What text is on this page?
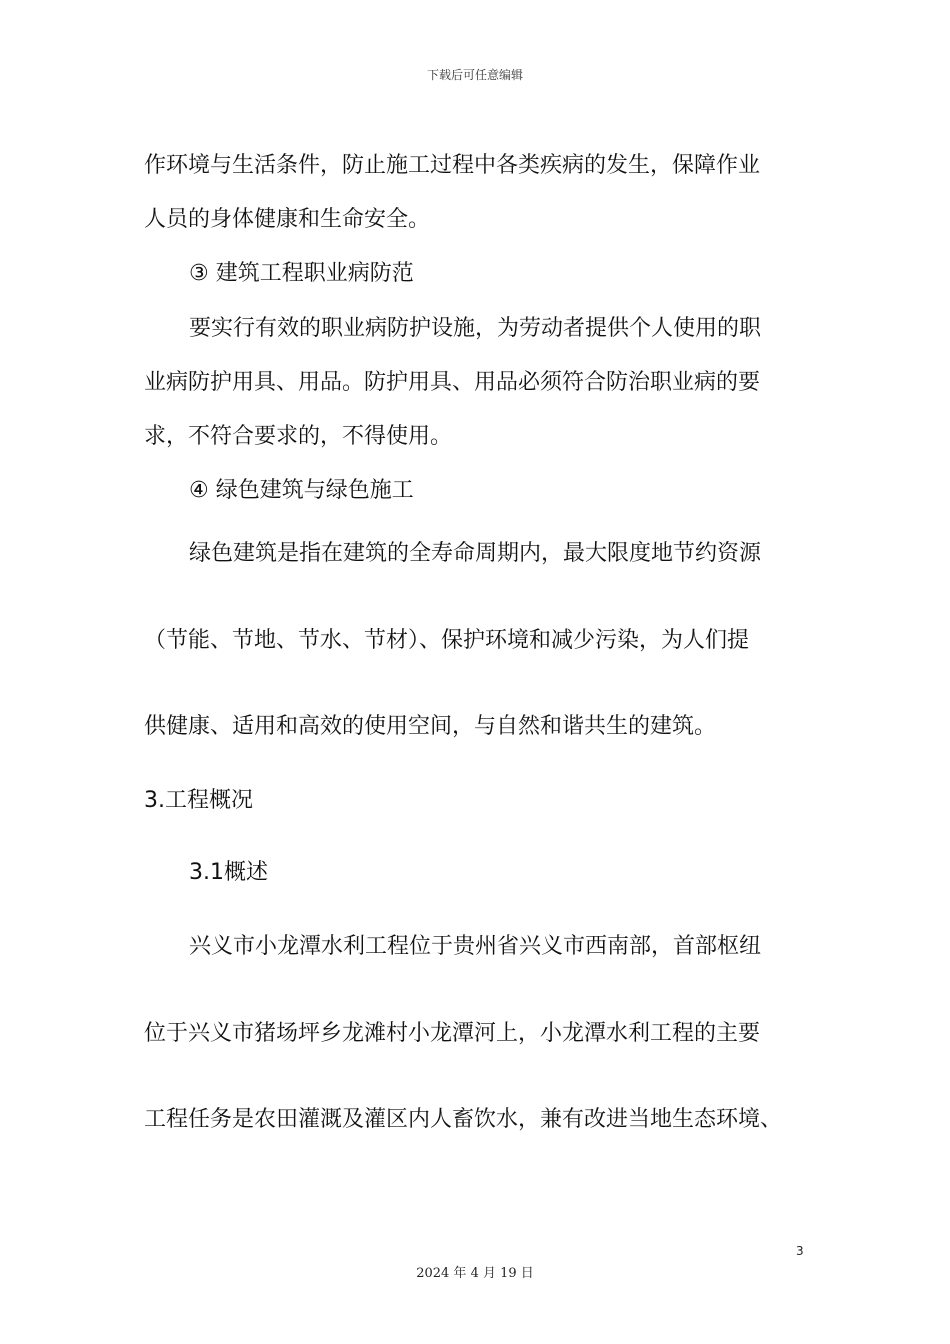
下载后可任意编辑
作环境与生活条件，防止施工过程中各类疾病的发生，保障作业
人员的身体健康和生命安全。
③ 建筑工程职业病防范
要实行有效的职业病防护设施，为劳动者提供个人使用的职
业病防护用具、用品。防护用具、用品必须符合防治职业病的要
求，不符合要求的，不得使用。
④ 绿色建筑与绿色施工
绿色建筑是指在建筑的全寿命周期内，最大限度地节约资源
（节能、节地、节水、节材）、保护环境和减少污染，为人们提
供健康、适用和高效的使用空间，与自然和谐共生的建筑。
3.工程概况
3.1概述
兴义市小龙潭水利工程位于贵州省兴义市西南部，首部枢纽
位于兴义市猪场坪乡龙滩村小龙潭河上，小龙潭水利工程的主要
工程任务是农田灌溉及灌区内人畜饮水，兼有改进当地生态环境、
3
2024 年 4 月 19 日
